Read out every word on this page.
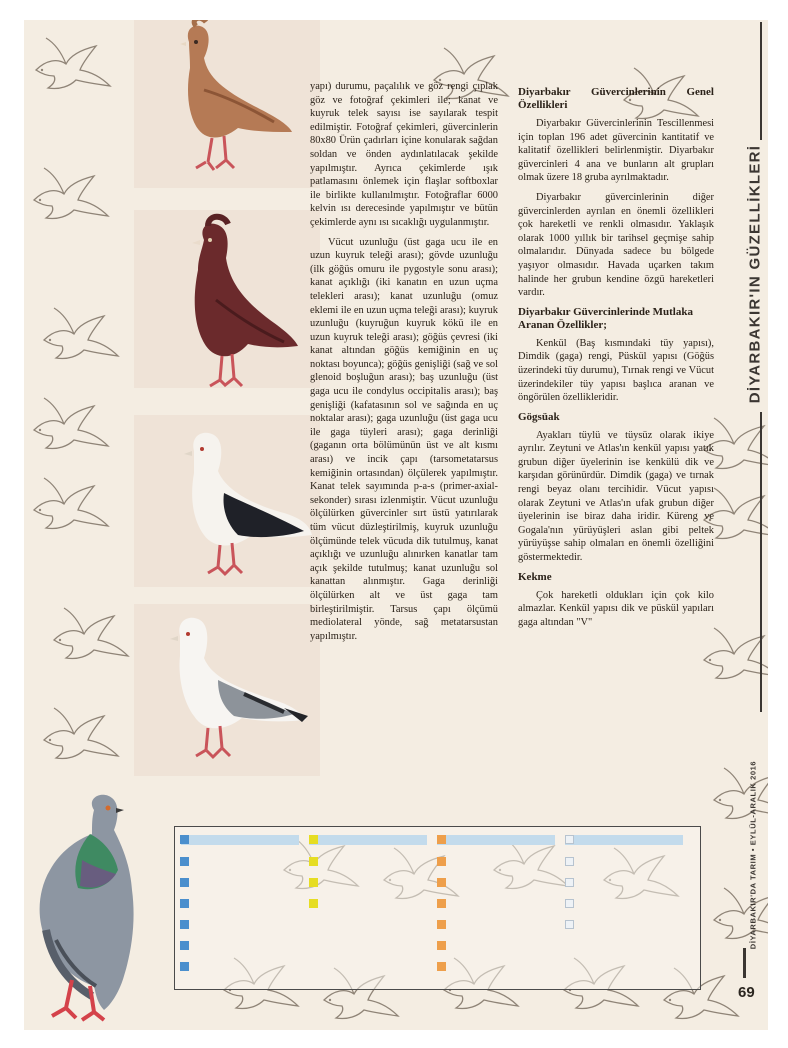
yapı) durumu, paçalılık ve göz rengi çıplak göz ve fotoğraf çekimleri ile; kanat ve kuyruk telek sayısı ise sayılarak tespit edilmiştir. Fotoğraf çekimleri, güvercinlerin 80x80 Ürün çadırları içine konularak sağdan soldan ve önden aydınlatılacak şekilde yapılmıştır. Ayrıca çekimlerde ışık patlamasını önlemek için flaşlar softboxlar ile birlikte kullanılmıştır. Fotoğraflar 6000 kelvin ısı derecesinde yapılmıştır ve bütün çekimlerde aynı ısı sıcaklığı uygulanmıştır.

Vücut uzunluğu (üst gaga ucu ile en uzun kuyruk teleği arası); gövde uzunluğu (ilk göğüs omuru ile pygostyle sonu arası); kanat açıklığı (iki kanatın en uzun uçma telekleri arası); kanat uzunluğu (omuz eklemi ile en uzun uçma teleği arası); kuyruk uzunluğu (kuyruğun kuyruk kökü ile en uzun kuyruk teleği arası); göğüs çevresi (iki kanat altından göğüs kemiğinin en uç noktası boyunca); göğüs genişliği (sağ ve sol glenoid boşluğun arası); baş uzunluğu (üst gaga ucu ile condylus occipitalis arası); baş genişliği (kafatasının sol ve sağında en uç noktalar arası); gaga uzunluğu (üst gaga ucu ile gaga tüyleri arası); gaga derinliği (gaganın orta bölümünün üst ve alt kısmı arası) ve incik çapı (tarsometatarsus kemiğinin ortasından) ölçülerek yapılmıştır. Kanat telek sayımında p-a-s (primer-axial-sekonder) sırası izlenmiştir. Vücut uzunluğu ölçülürken güvercinler sırt üstü yatırılarak tüm vücut düzleştirilmiş, kuyruk uzunluğu ölçümünde telek vücuda dik tutulmuş, kanat açıklığı ve uzunluğu alınırken kanatlar tam açık şekilde tutulmuş; kanat uzunluğu sol kanattan alınmıştır. Gaga derinliği ölçülürken alt ve üst gaga tam birleştirilmiştir. Tarsus çapı ölçümü mediolateral yönde, sağ metatarsustan yapılmıştır.

Diyarbakır Güvercinlerinin Genel Özellikleri

Diyarbakır Güvercinlerinin Tescillenmesi için toplan 196 adet güvercinin kantitatif ve kalitatif özellikleri belirlenmiştir. Diyarbakır güvercinleri 4 ana ve bunların alt grupları olmak üzere 18 gruba ayrılmaktadır.

Diyarbakır güvercinlerinin diğer güvercinlerden ayrılan en önemli özellikleri çok hareketli ve renkli olmasıdır. Yaklaşık olarak 1000 yıllık bir tarihsel geçmişe sahip olmalarıdır. Dünyada sadece bu bölgede yaşıyor olmasıdır. Havada uçarken takım halinde her grubun kendine özgü hareketleri vardır.

Diyarbakır Güvercinlerinde Mutlaka Aranan Özellikler;

Kenkül (Baş kısmındaki tüy yapısı), Dimdik (gaga) rengi, Püskül yapısı (Göğüs üzerindeki tüy durumu), Tırnak rengi ve Vücut üzerindekiler tüy yapısı başlıca aranan ve öngörülen özellikleridir.

Gögsüak

Ayakları tüylü ve tüysüz olarak ikiye ayrılır. Zeytuni ve Atlas'ın kenkül yapısı yatık grubun diğer üyelerinin ise kenkülü dik ve karşıdan görünürdür. Dimdik (gaga) ve tırnak rengi beyaz olanı tercihidir. Vücut yapısı olarak Zeytuni ve Atlas'ın ufak grubun diğer üyelerinin ise biraz daha iridir. Küreng ve Gogala'nın yürüyüşleri aslan gibi peltek yürüyüşse sahip olmaları en önemli özelliğini göstermektedir.

Kekme

Çok hareketli oldukları için çok kilo almazlar. Kenkül yapısı dik ve püskül yapıları gaga altından "V"

DİYARBAKIR'IN GÜZELLİKLERİ
DİYARBAKIR'DA TARIM • EYLÜL-ARALIK 2016
69
